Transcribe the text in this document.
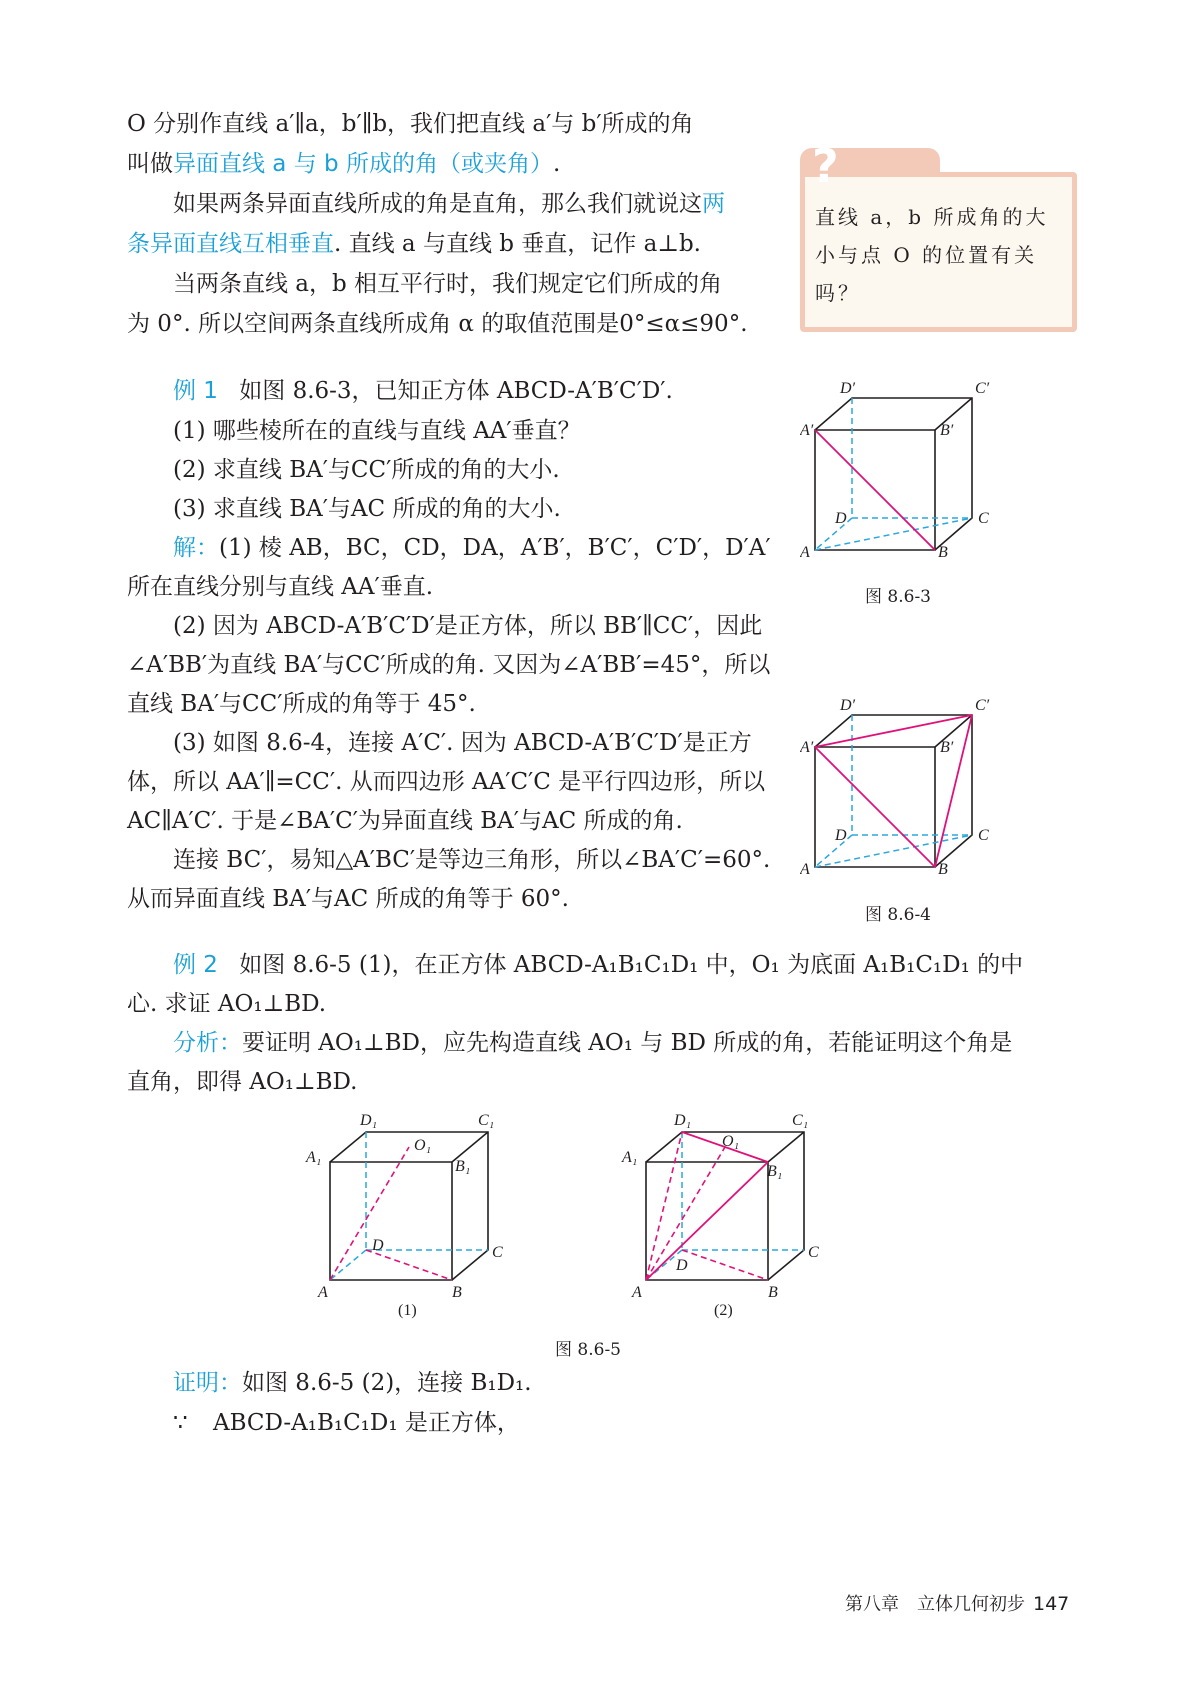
O 分别作直线 a′∥a，b′∥b，我们把直线 a′与 b′所成的角
叫做异面直线 a 与 b 所成的角（或夹角）.
如果两条异面直线所成的角是直角，那么我们就说这两
条异面直线互相垂直. 直线 a 与直线 b 垂直，记作 a⊥b.
当两条直线 a，b 相互平行时，我们规定它们所成的角
为 0°. 所以空间两条直线所成角 α 的取值范围是0°≤α≤90°.
?
直线 a，b 所成角的大小与点 O 的位置有关吗？
例 1 如图 8.6-3，已知正方体 ABCD-A′B′C′D′.
(1) 哪些棱所在的直线与直线 AA′垂直？
(2) 求直线 BA′与CC′所成的角的大小.
(3) 求直线 BA′与AC 所成的角的大小.
解：(1) 棱 AB，BC，CD，DA，A′B′，B′C′，C′D′，D′A′
所在直线分别与直线 AA′垂直.
(2) 因为 ABCD-A′B′C′D′是正方体，所以 BB′∥CC′，因此
∠A′BB′为直线 BA′与CC′所成的角. 又因为∠A′BB′=45°，所以
直线 BA′与CC′所成的角等于 45°.
(3) 如图 8.6-4，连接 A′C′. 因为 ABCD-A′B′C′D′是正方
体，所以 AA′∥=CC′. 从而四边形 AA′C′C 是平行四边形，所以
AC∥A′C′. 于是∠BA′C′为异面直线 BA′与AC 所成的角.
连接 BC′，易知△A′BC′是等边三角形，所以∠BA′C′=60°.
从而异面直线 BA′与AC 所成的角等于 60°.
D′	C′
A′	B′
D	C
A	B
图 8.6-3
D′	C′
A′	B′
D	C
A	B
图 8.6-4
例 2 如图 8.6-5 (1)，在正方体 ABCD-A₁B₁C₁D₁ 中，O₁ 为底面 A₁B₁C₁D₁ 的中
心. 求证 AO₁⊥BD.
分析：要证明 AO₁⊥BD，应先构造直线 AO₁ 与 BD 所成的角，若能证明这个角是
直角，即得 AO₁⊥BD.
D₁	C₁
A₁
B₁
O₁
D	C
A	B
(1)
D₁	C₁
A₁
B₁
O₁
D
C
A	B
(2)
图 8.6-5
证明：如图 8.6-5 (2)，连接 B₁D₁.
∵ ABCD-A₁B₁C₁D₁ 是正方体，
第八章　立体几何初步 147
